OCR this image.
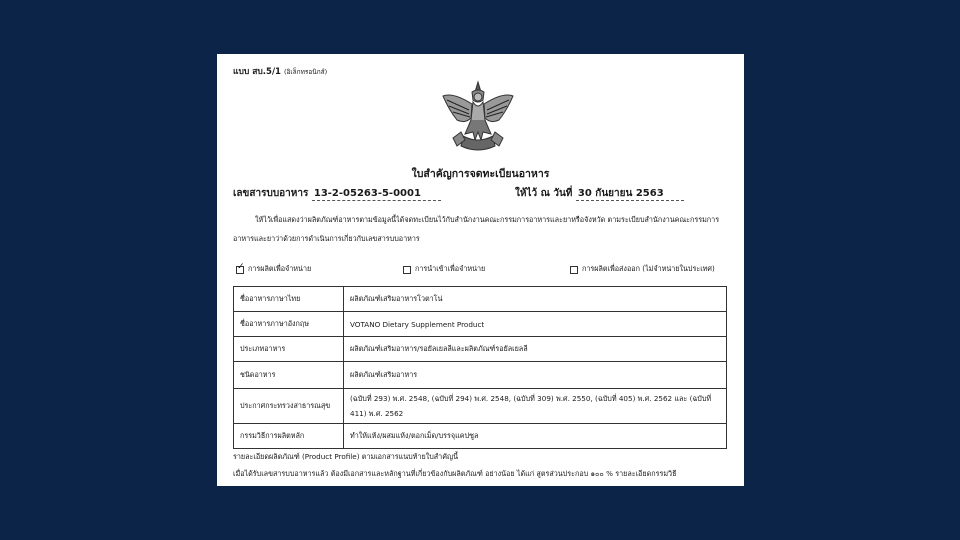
แบบ สบ.5/1 (อิเล็กทรอนิกส์)
ใบสำคัญการจดทะเบียนอาหาร
เลขสารบบอาหาร 13-2-05263-5-0001	ให้ไว้ ณ วันที่ 30 กันยายน 2563
ให้ไว้เพื่อแสดงว่าผลิตภัณฑ์อาหารตามข้อมูลนี้ได้จดทะเบียนไว้กับสำนักงานคณะกรรมการอาหารและยาหรือจังหวัด ตามระเบียบสำนักงานคณะกรรมการอาหารและยาว่าด้วยการดำเนินการเกี่ยวกับเลขสารบบอาหาร
✓ การผลิตเพื่อจำหน่าย	การนำเข้าเพื่อจำหน่าย	การผลิตเพื่อส่งออก (ไม่จำหน่ายในประเทศ)
ชื่ออาหารภาษาไทย	ผลิตภัณฑ์เสริมอาหารโวตาโน่
ชื่ออาหารภาษาอังกฤษ	VOTANO Dietary Supplement Product
ประเภทอาหาร	ผลิตภัณฑ์เสริมอาหาร/รอยัลเยลลีและผลิตภัณฑ์รอยัลเยลลี
ชนิดอาหาร	ผลิตภัณฑ์เสริมอาหาร
ประกาศกระทรวงสาธารณสุข	(ฉบับที่ 293) พ.ศ. 2548, (ฉบับที่ 294) พ.ศ. 2548, (ฉบับที่ 309) พ.ศ. 2550, (ฉบับที่ 405) พ.ศ. 2562 และ (ฉบับที่ 411) พ.ศ. 2562
กรรมวิธีการผลิตหลัก	ทำให้แห้ง/ผสมแห้ง/ตอกเม็ด/บรรจุแคปซูล
รายละเอียดผลิตภัณฑ์ (Product Profile) ตามเอกสารแนบท้ายใบสำคัญนี้
เมื่อได้รับเลขสารบบอาหารแล้ว ต้องมีเอกสารและหลักฐานที่เกี่ยวข้องกับผลิตภัณฑ์ อย่างน้อย ได้แก่ สูตรส่วนประกอบ ๑๐๐ % รายละเอียดกรรมวิธี
